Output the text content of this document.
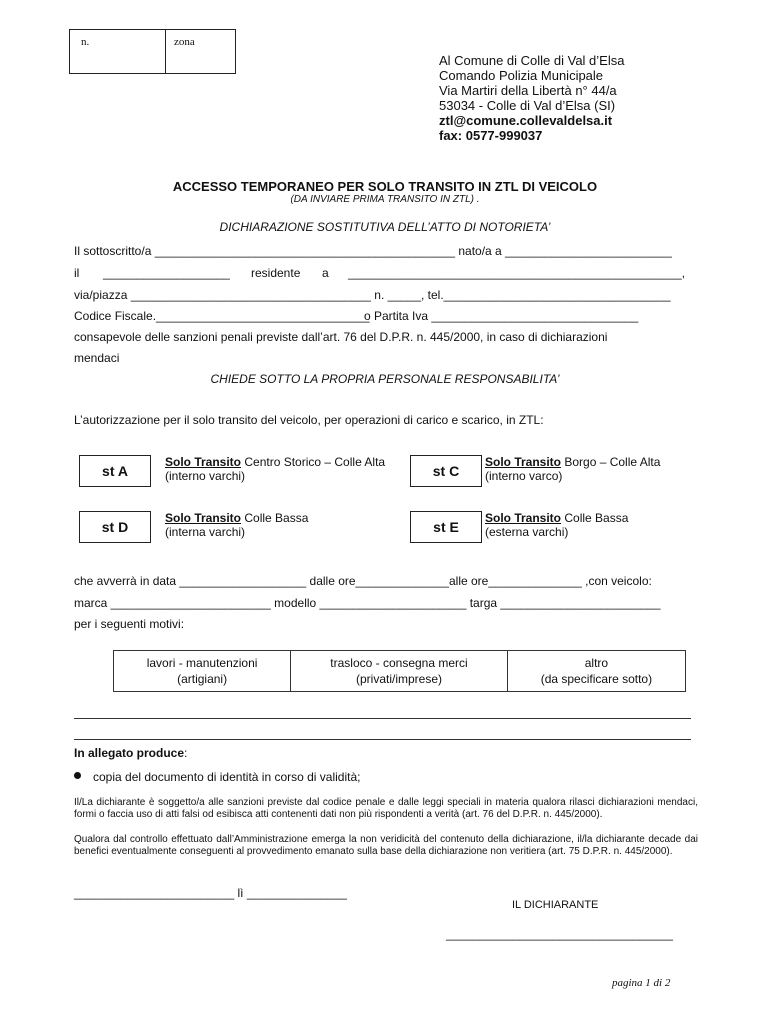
n.	zona
Al Comune di Colle di Val d’Elsa
Comando Polizia Municipale
Via Martiri della Libertà n° 44/a
53034 - Colle di Val d’Elsa (SI)
ztl@comune.collevaldelsa.it
fax: 0577-999037
ACCESSO TEMPORANEO PER SOLO TRANSITO IN ZTL DI VEICOLO
(DA INVIARE PRIMA TRANSITO IN ZTL) .
DICHIARAZIONE SOSTITUTIVA DELL’ATTO DI NOTORIETA’
Il sottoscritto/a _____________________________________________ nato/a a _________________________
il ___________________ residente a __________________________________________________,
via/piazza ____________________________________ n. _____, tel.__________________________________
Codice Fiscale.________________________________
o Partita Iva _______________________________
consapevole delle sanzioni penali previste dall’art. 76 del D.P.R. n. 445/2000, in caso di dichiarazioni
mendaci
CHIEDE SOTTO LA PROPRIA PERSONALE RESPONSABILITA’
L’autorizzazione per il solo transito del veicolo, per operazioni di carico e scarico, in ZTL:
st A
Solo Transito Centro Storico – Colle Alta
(interno varchi)	st C
Solo Transito Borgo – Colle Alta
(interno varco)
st D
Solo Transito Colle Bassa
(interna varchi)	st E
Solo Transito Colle Bassa
(esterna varchi)
che avverrà in data ___________________ dalle ore______________alle ore______________ ,con veicolo:
marca ________________________ modello ______________________ targa ________________________
per i seguenti motivi:
lavori - manutenzioni
(artigiani)

trasloco - consegna merci
(privati/imprese)

altro
(da specificare sotto)
In allegato produce:
copia del documento di identità in corso di validità;
Il/La dichiarante è soggetto/a alle sanzioni previste dal codice penale e dalle leggi speciali in materia qualora rilasci dichiarazioni mendaci, formi o faccia uso di atti falsi od esibisca atti contenenti dati non più rispondenti a verità (art. 76 del D.P.R. n. 445/2000).
Qualora dal controllo effettuato dall’Amministrazione emerga la non veridicità del contenuto della dichiarazione, il/la dichiarante decade dai benefici eventualmente conseguenti al provvedimento emanato sulla base della dichiarazione non veritiera (art. 75 D.P.R. n. 445/2000).
________________________ lì _______________
IL DICHIARANTE
__________________________________
pagina 1 di 2
